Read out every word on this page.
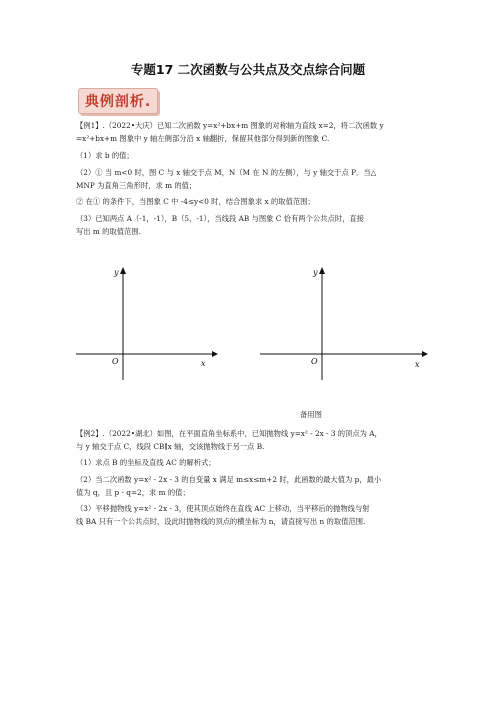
专题17 二次函数与公共点及交点综合问题
典例剖析.
【例1】.（2022•大庆）已知二次函数 y=x²+bx+m 图象的对称轴为直线 x=2，将二次函数 y
=x²+bx+m 图象中 y 轴左侧部分沿 x 轴翻折，保留其他部分得到新的图象 C.
（1）求 b 的值；
（2）① 当 m<0 时，图 C 与 x 轴交于点 M，N（M 在 N 的左侧），与 y 轴交于点 P．当△
MNP 为直角三角形时，求 m 的值；
② 在① 的条件下，当图象 C 中 -4≤y<0 时，结合图象求 x 的取值范围；
（3）已知两点 A（-1，-1），B（5，-1），当线段 AB 与图象 C 恰有两个公共点时，直接
写出 m 的取值范围.
y
x
O
y
x
O
备用图
【例2】.（2022•湖北）如图，在平面直角坐标系中，已知抛物线 y=x² - 2x - 3 的顶点为 A，
与 y 轴交于点 C，线段 CB∥x 轴，交该抛物线于另一点 B.
（1）求点 B 的坐标及直线 AC 的解析式；
（2）当二次函数 y=x² - 2x - 3 的自变量 x 满足 m≤x≤m+2 时，此函数的最大值为 p，最小
值为 q，且 p - q=2，求 m 的值；
（3）平移抛物线 y=x² - 2x - 3，使其顶点始终在直线 AC 上移动，当平移后的抛物线与射
线 BA 只有一个公共点时，设此时抛物线的顶点的横坐标为 n，请直接写出 n 的取值范围.
